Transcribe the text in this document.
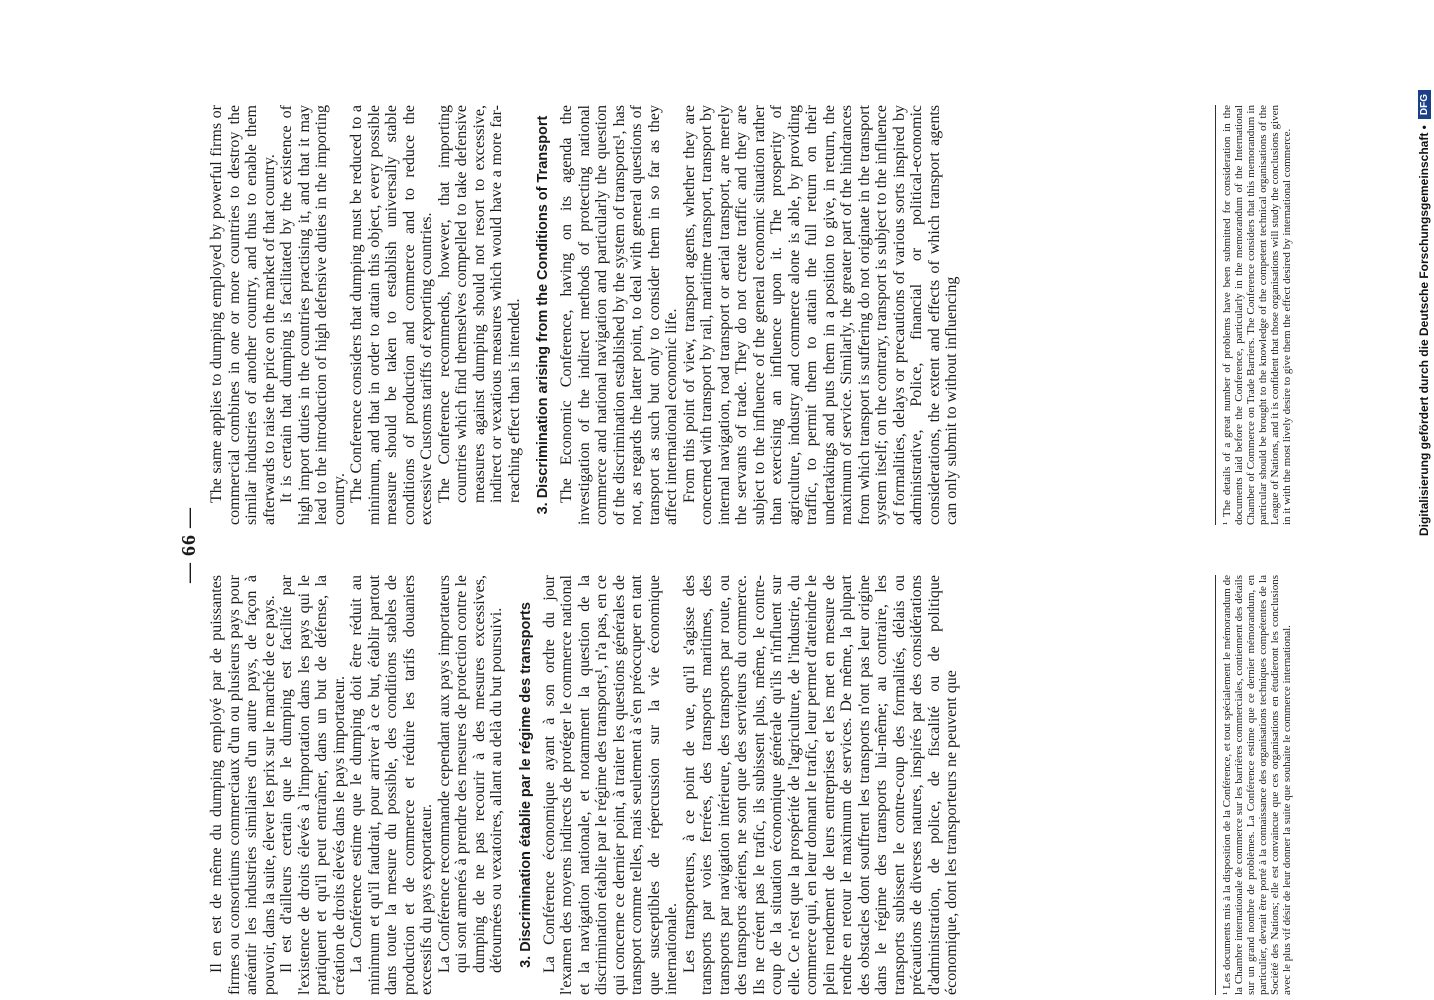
— 66 —

Il en est de même du dumping employé par de puissantes firmes ou consortiums commerciaux d'un ou plusieurs pays pour anéantir les industries similaires d'un autre pays, de façon à pouvoir, dans la suite, élever les prix sur le marché de ce pays. Il est d'ailleurs certain que le dumping est facilité par l'existence de droits élevés à l'importation dans les pays qui le pratiquent et qu'il peut entraîner, dans un but de défense, la création de droits élevés dans le pays importateur. La Conférence estime que le dumping doit être réduit au minimum et qu'il faudrait, pour arriver à ce but, établir partout dans toute la mesure du possible, des conditions stables de production et de commerce et réduire les tarifs douaniers excessifs du pays exportateur. La Conférence recommande cependant aux pays importateurs qui sont amenés à prendre des mesures de protection contre le dumping de ne pas recourir à des mesures excessives, détournées ou vexatoires, allant au delà du but poursuivi. 3. Discrimination établie par le régime des transports La Conférence économique ayant à son ordre du jour l'examen des moyens indirects de protéger le commerce national et la navigation nationale, et notamment la question de la discrimination établie par le régime des transports¹, n'a pas, en ce qui concerne ce dernier point, à traiter les questions générales de transport comme telles, mais seulement à s'en préoccuper en tant que susceptibles de répercussion sur la vie économique internationale. Les transporteurs, à ce point de vue, qu'il s'agisse des transports par voies ferrées, des transports maritimes, des transports par navigation intérieure, des transports par route, ou des transports aériens, ne sont que des serviteurs du commerce. Ils ne créent pas le trafic, ils subissent plus, même, le contre-coup de la situation économique générale qu'ils n'influent sur elle. Ce n'est que la prospérité de l'agriculture, de l'industrie, du commerce qui, en leur donnant le trafic, leur permet d'atteindre le plein rendement de leurs entreprises et les met en mesure de rendre en retour le maximum de services. De même, la plupart des obstacles dont souffrent les transports n'ont pas leur origine dans le régime des transports lui-même; au contraire, les transports subissent le contre-coup des formalités, délais ou précautions de diverses natures, inspirés par des considérations d'administration, de police, de fiscalité ou de politique économique, dont les transporteurs ne peuvent que

The same applies to dumping employed by powerful firms or commercial combines in one or more countries to destroy the similar industries of another country, and thus to enable them afterwards to raise the price on the market of that country. It is certain that dumping is facilitated by the existence of high import duties in the countries practising it, and that it may lead to the introduction of high defensive duties in the importing country. The Conference considers that dumping must be reduced to a minimum, and that in order to attain this object, every possible measure should be taken to establish universally stable conditions of production and commerce and to reduce the excessive Customs tariffs of exporting countries. The Conference recommends, however, that importing countries which find themselves compelled to take defensive measures against dumping should not resort to excessive, indirect or vexatious measures which would have a more far-reaching effect than is intended. 3. Discrimination arising from the Conditions of Transport The Economic Conference, having on its agenda the investigation of the indirect methods of protecting national commerce and national navigation and particularly the question of the discrimination established by the system of transports¹, has not, as regards the latter point, to deal with general questions of transport as such but only to consider them in so far as they affect international economic life. From this point of view, transport agents, whether they are concerned with transport by rail, maritime transport, transport by internal navigation, road transport or aerial transport, are merely the servants of trade. They do not create traffic and they are subject to the influence of the general economic situation rather than exercising an influence upon it. The prosperity of agriculture, industry and commerce alone is able, by providing traffic, to permit them to attain the full return on their undertakings and puts them in a position to give, in return, the maximum of service. Similarly, the greater part of the hindrances from which transport is suffering do not originate in the transport system itself; on the contrary, transport is subject to the influence of formalities, delays or precautions of various sorts inspired by administrative, Police, financial or political-economic considerations, the extent and effects of which transport agents can only submit to without influencing

¹ Les documents mis à la disposition de la Conférence, et tout spécialement le mémorandum de la Chambre internationale de commerce sur les barrières commerciales, contiennent des détails sur un grand nombre de problèmes. La Conférence estime que ce dernier mémorandum, en particulier, devrait être porté à la connaissance des organisations techniques compétentes de la Société des Nations; elle est convaincue que ces organisations en étudieront les conclusions avec le plus vif désir de leur donner la suite que souhaite le commerce international.

¹ The details of a great number of problems have been submitted for consideration in the documents laid before the Conference, particularly in the memorandum of the International Chamber of Commerce on Trade Barriers. The Conference considers that this memorandum in particular should be brought to the knowledge of the competent technical organisations of the League of Nations, and it is confident that those organisations will study the conclusions given in it with the most lively desire to give them the effect desired by international commerce.	Digitalisierung gefördert durch die Deutsche Forschungsgemeinschaft •
DFG
